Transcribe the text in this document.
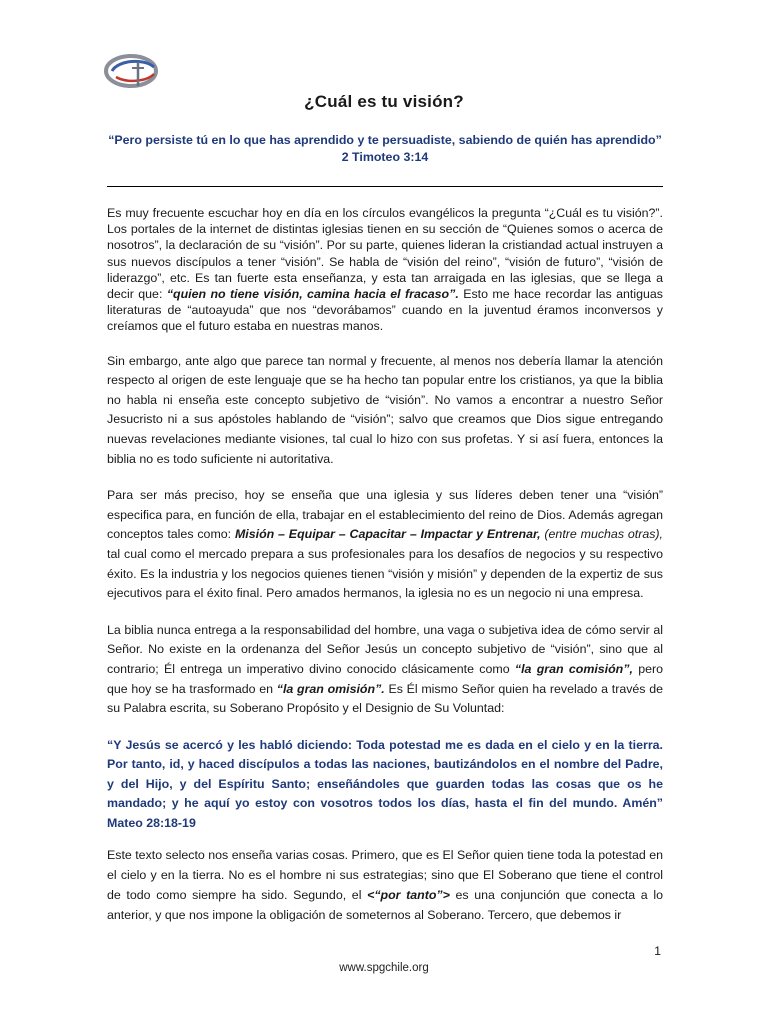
¿Cuál es tu visión?
“Pero persiste tú en lo que has aprendido y te persuadiste, sabiendo de quién has aprendido”
2 Timoteo 3:14

Es muy frecuente escuchar hoy en día en los círculos evangélicos la pregunta “¿Cuál es tu visión?”. Los portales de la internet de distintas iglesias tienen en su sección de “Quienes somos o acerca de nosotros”, la declaración de su “visión”. Por su parte, quienes lideran la cristiandad actual instruyen a sus nuevos discípulos a tener “visión”. Se habla de “visión del reino”, “visión de futuro”, “visión de liderazgo”, etc. Es tan fuerte esta enseñanza, y esta tan arraigada en las iglesias, que se llega a decir que: “quien no tiene visión, camina hacia el fracaso”. Esto me hace recordar las antiguas literaturas de “autoayuda” que nos “devorábamos” cuando en la juventud éramos inconversos y creíamos que el futuro estaba en nuestras manos.

Sin embargo, ante algo que parece tan normal y frecuente, al menos nos debería llamar la atención respecto al origen de este lenguaje que se ha hecho tan popular entre los cristianos, ya que la biblia no habla ni enseña este concepto subjetivo de “visión”. No vamos a encontrar a nuestro Señor Jesucristo ni a sus apóstoles hablando de “visión”; salvo que creamos que Dios sigue entregando nuevas revelaciones mediante visiones, tal cual lo hizo con sus profetas. Y si así fuera, entonces la biblia no es todo suficiente ni autoritativa.

Para ser más preciso, hoy se enseña que una iglesia y sus líderes deben tener una “visión” especifica para, en función de ella, trabajar en el establecimiento del reino de Dios. Además agregan conceptos tales como: Misión – Equipar – Capacitar – Impactar y Entrenar, (entre muchas otras), tal cual como el mercado prepara a sus profesionales para los desafíos de negocios y su respectivo éxito. Es la industria y los negocios quienes tienen “visión y misión” y dependen de la expertiz de sus ejecutivos para el éxito final. Pero amados hermanos, la iglesia no es un negocio ni una empresa.

La biblia nunca entrega a la responsabilidad del hombre, una vaga o subjetiva idea de cómo servir al Señor. No existe en la ordenanza del Señor Jesús un concepto subjetivo de “visión”, sino que al contrario; Él entrega un imperativo divino conocido clásicamente como “la gran comisión”, pero que hoy se ha trasformado en “la gran omisión”. Es Él mismo Señor quien ha revelado a través de su Palabra escrita, su Soberano Propósito y el Designio de Su Voluntad:

“Y Jesús se acercó y les habló diciendo: Toda potestad me es dada en el cielo y en la tierra. Por tanto, id, y haced discípulos a todas las naciones, bautizándolos en el nombre del Padre, y del Hijo, y del Espíritu Santo; enseñándoles que guarden todas las cosas que os he mandado; y he aquí yo estoy con vosotros todos los días, hasta el fin del mundo. Amén” Mateo 28:18-19

Este texto selecto nos enseña varias cosas. Primero, que es El Señor quien tiene toda la potestad en el cielo y en la tierra. No es el hombre ni sus estrategias; sino que El Soberano que tiene el control de todo como siempre ha sido. Segundo, el <“por tanto”> es una conjunción que conecta a lo anterior, y que nos impone la obligación de someternos al Soberano. Tercero, que debemos ir

1
www.spgchile.org
